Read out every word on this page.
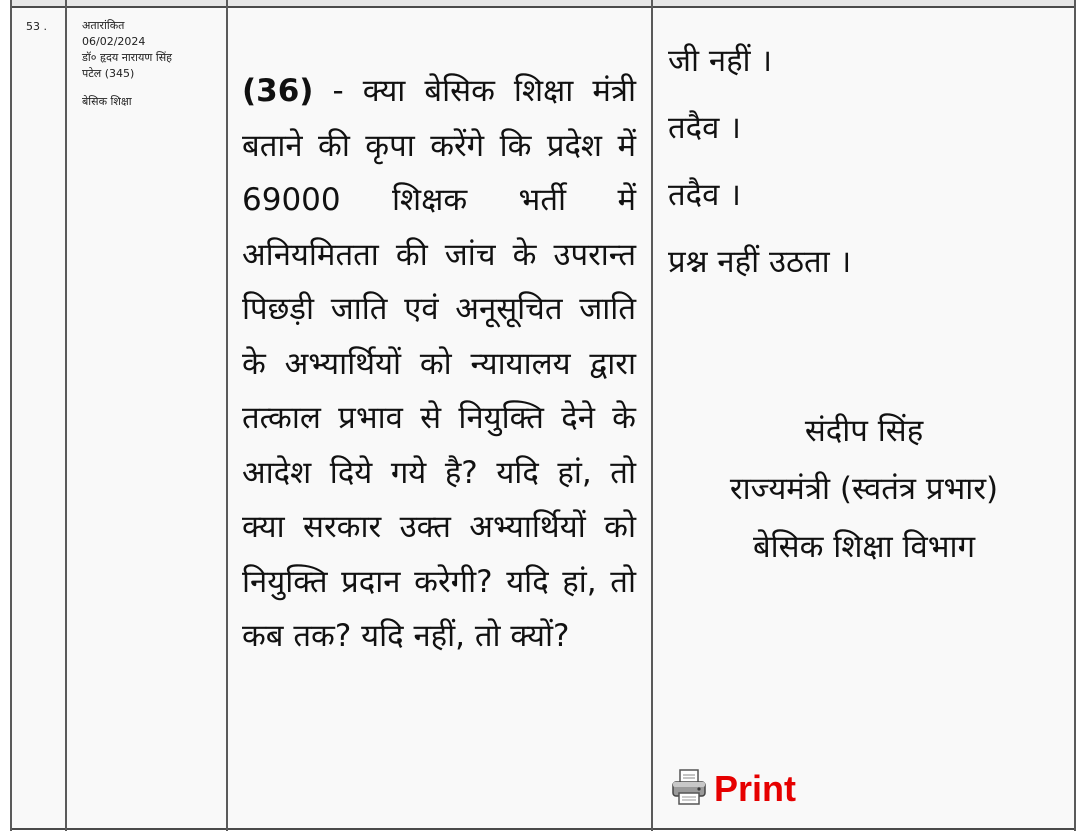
53 .	अतारांकित
06/02/2024
डॉ० हृदय नारायण सिंह
पटेल (345)
बेसिक शिक्षा	(36) - क्या बेसिक शिक्षा मंत्री बताने की कृपा करेंगे कि प्रदेश में 69000 शिक्षक भर्ती में अनियमितता की जांच के उपरान्त पिछड़ी जाति एवं अनूसूचित जाति के अभ्यार्थियों को न्यायालय द्वारा तत्काल प्रभाव से नियुक्ति देने के आदेश दिये गये है? यदि हां, तो क्या सरकार उक्त अभ्यार्थियों को नियुक्ति प्रदान करेगी? यदि हां, तो कब तक? यदि नहीं, तो क्यों?
जी नहीं ।
तदैव ।
तदैव ।
प्रश्न नहीं उठता ।
संदीप सिंह
राज्यमंत्री (स्वतंत्र प्रभार)
बेसिक शिक्षा विभाग
Print
